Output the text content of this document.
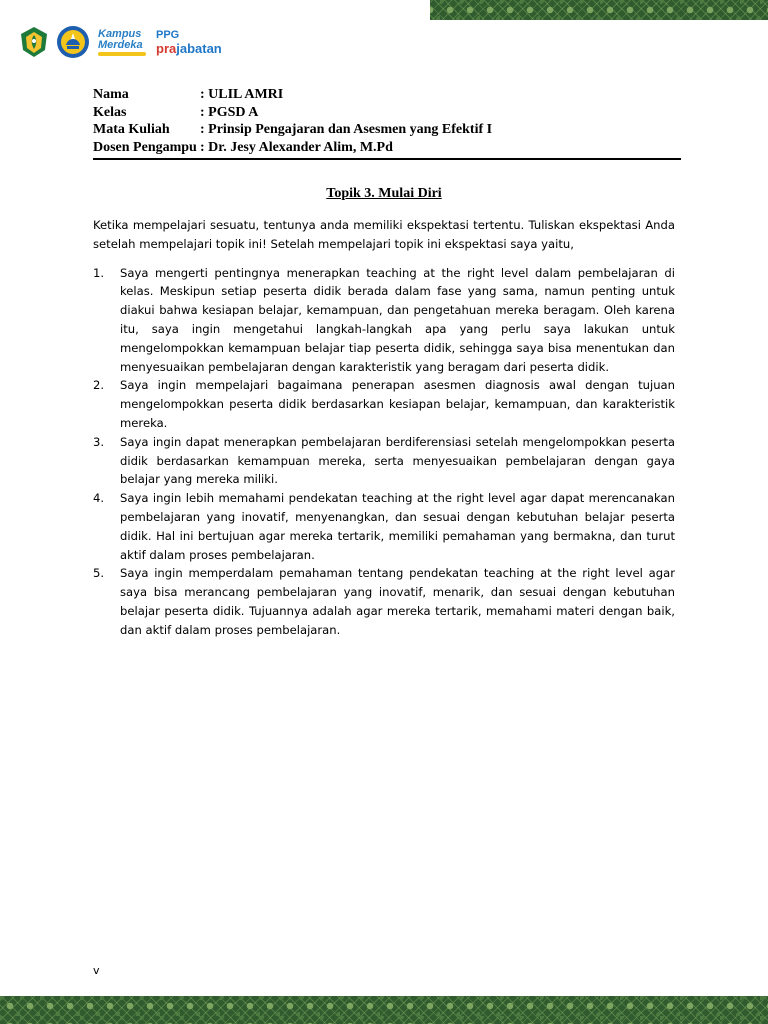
Kampus
Merdeka
PPG
prajabatan
Nama	: ULIL AMRI
Kelas	: PGSD A
Mata Kuliah	: Prinsip Pengajaran dan Asesmen yang Efektif I
Dosen Pengampu : Dr. Jesy Alexander Alim, M.Pd
Topik 3. Mulai Diri

Ketika mempelajari sesuatu, tentunya anda memiliki ekspektasi tertentu. Tuliskan ekspektasi Anda setelah mempelajari topik ini! Setelah mempelajari topik ini ekspektasi saya yaitu,

1.	Saya mengerti pentingnya menerapkan teaching at the right level dalam pembelajaran di kelas. Meskipun setiap peserta didik berada dalam fase yang sama, namun penting untuk diakui bahwa kesiapan belajar, kemampuan, dan pengetahuan mereka beragam. Oleh karena itu, saya ingin mengetahui langkah-langkah apa yang perlu saya lakukan untuk mengelompokkan kemampuan belajar tiap peserta didik, sehingga saya bisa menentukan dan menyesuaikan pembelajaran dengan karakteristik yang beragam dari peserta didik.
2.	Saya ingin mempelajari bagaimana penerapan asesmen diagnosis awal dengan tujuan mengelompokkan peserta didik berdasarkan kesiapan belajar, kemampuan, dan karakteristik mereka.
3.	Saya ingin dapat menerapkan pembelajaran berdiferensiasi setelah mengelompokkan peserta didik berdasarkan kemampuan mereka, serta menyesuaikan pembelajaran dengan gaya belajar yang mereka miliki.
4.	Saya ingin lebih memahami pendekatan teaching at the right level agar dapat merencanakan pembelajaran yang inovatif, menyenangkan, dan sesuai dengan kebutuhan belajar peserta didik. Hal ini bertujuan agar mereka tertarik, memiliki pemahaman yang bermakna, dan turut aktif dalam proses pembelajaran.
5.	Saya ingin memperdalam pemahaman tentang pendekatan teaching at the right level agar saya bisa merancang pembelajaran yang inovatif, menarik, dan sesuai dengan kebutuhan belajar peserta didik. Tujuannya adalah agar mereka tertarik, memahami materi dengan baik, dan aktif dalam proses pembelajaran.
v
